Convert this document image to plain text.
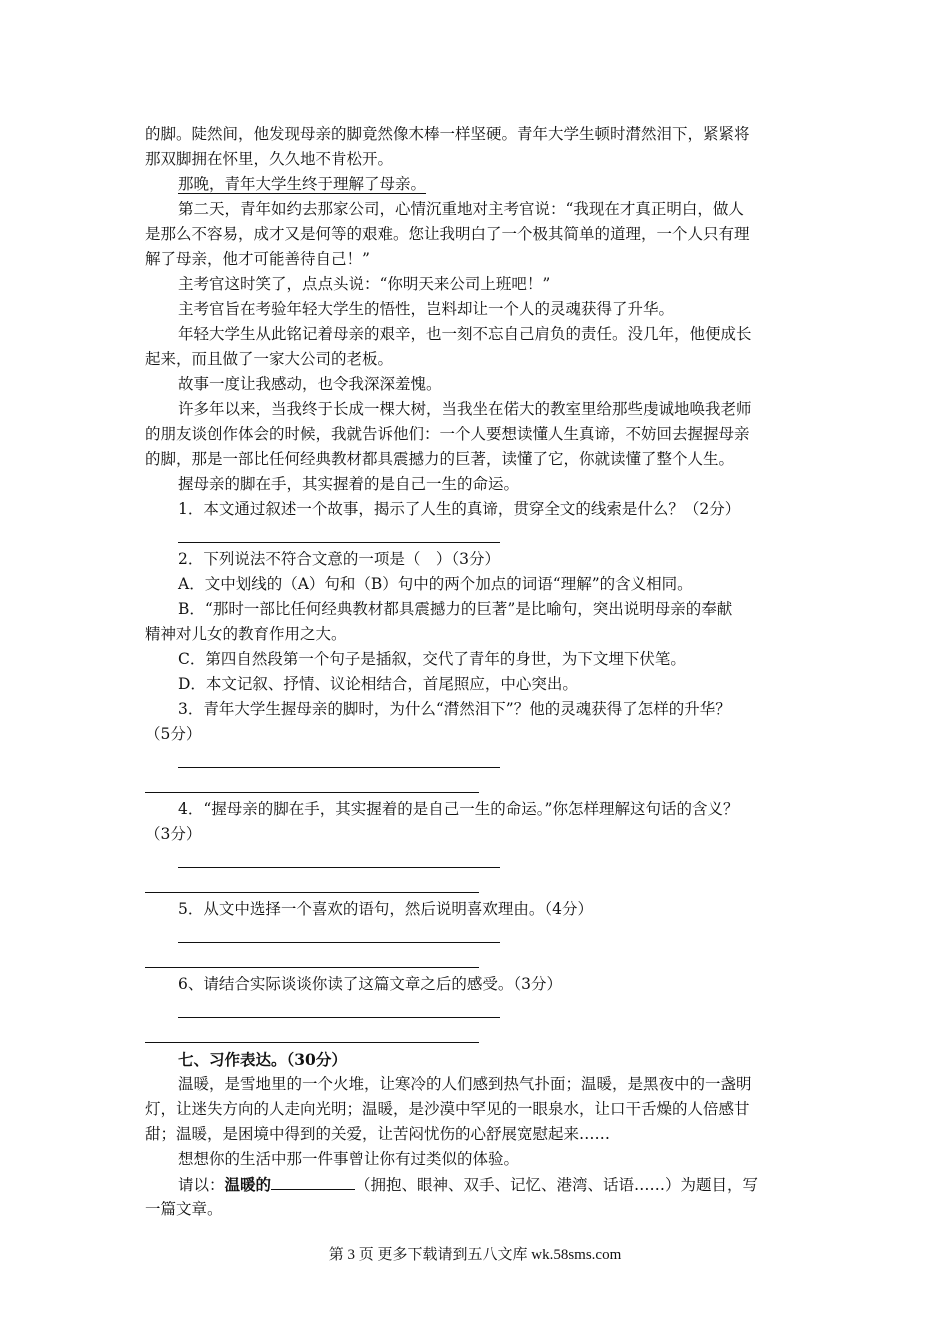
的脚。陡然间，他发现母亲的脚竟然像木棒一样坚硬。青年大学生顿时潸然泪下，紧紧将
那双脚拥在怀里，久久地不肯松开。
那晚，青年大学生终于理解了母亲。
第二天，青年如约去那家公司，心情沉重地对主考官说：“我现在才真正明白，做人
是那么不容易，成才又是何等的艰难。您让我明白了一个极其简单的道理，一个人只有理
解了母亲，他才可能善待自己！”
主考官这时笑了，点点头说：“你明天来公司上班吧！”
主考官旨在考验年轻大学生的悟性，岂料却让一个人的灵魂获得了升华。
年轻大学生从此铭记着母亲的艰辛，也一刻不忘自己肩负的责任。没几年，他便成长
起来，而且做了一家大公司的老板。
故事一度让我感动，也令我深深羞愧。
许多年以来，当我终于长成一棵大树，当我坐在偌大的教室里给那些虔诚地唤我老师
的朋友谈创作体会的时候，我就告诉他们：一个人要想读懂人生真谛，不妨回去握握母亲
的脚，那是一部比任何经典教材都具震撼力的巨著，读懂了它，你就读懂了整个人生。
握母亲的脚在手，其实握着的是自己一生的命运。
1．本文通过叙述一个故事，揭示了人生的真谛，贯穿全文的线索是什么？（2分）
2．下列说法不符合文意的一项是（　）（3分）
A．文中划线的（A）句和（B）句中的两个加点的词语“理解”的含义相同。
B．“那时一部比任何经典教材都具震撼力的巨著”是比喻句，突出说明母亲的奉献
精神对儿女的教育作用之大。
C．第四自然段第一个句子是插叙，交代了青年的身世，为下文埋下伏笔。
D．本文记叙、抒情、议论相结合，首尾照应，中心突出。
3．青年大学生握母亲的脚时，为什么“潸然泪下”？他的灵魂获得了怎样的升华？
（5分）
4．“握母亲的脚在手，其实握着的是自己一生的命运。”你怎样理解这句话的含义？
（3分）
5．从文中选择一个喜欢的语句，然后说明喜欢理由。（4分）
6、请结合实际谈谈你读了这篇文章之后的感受。（3分）
七、习作表达。（30分）
温暖，是雪地里的一个火堆，让寒冷的人们感到热气扑面；温暖，是黑夜中的一盏明
灯，让迷失方向的人走向光明；温暖，是沙漠中罕见的一眼泉水，让口干舌燥的人倍感甘
甜；温暖，是困境中得到的关爱，让苦闷忧伤的心舒展宽慰起来……
想想你的生活中那一件事曾让你有过类似的体验。
请以：温暖的	（拥抱、眼神、双手、记忆、港湾、话语……）为题目，写
一篇文章。
第 3 页 更多下载请到五八文库 wk.58sms.com
